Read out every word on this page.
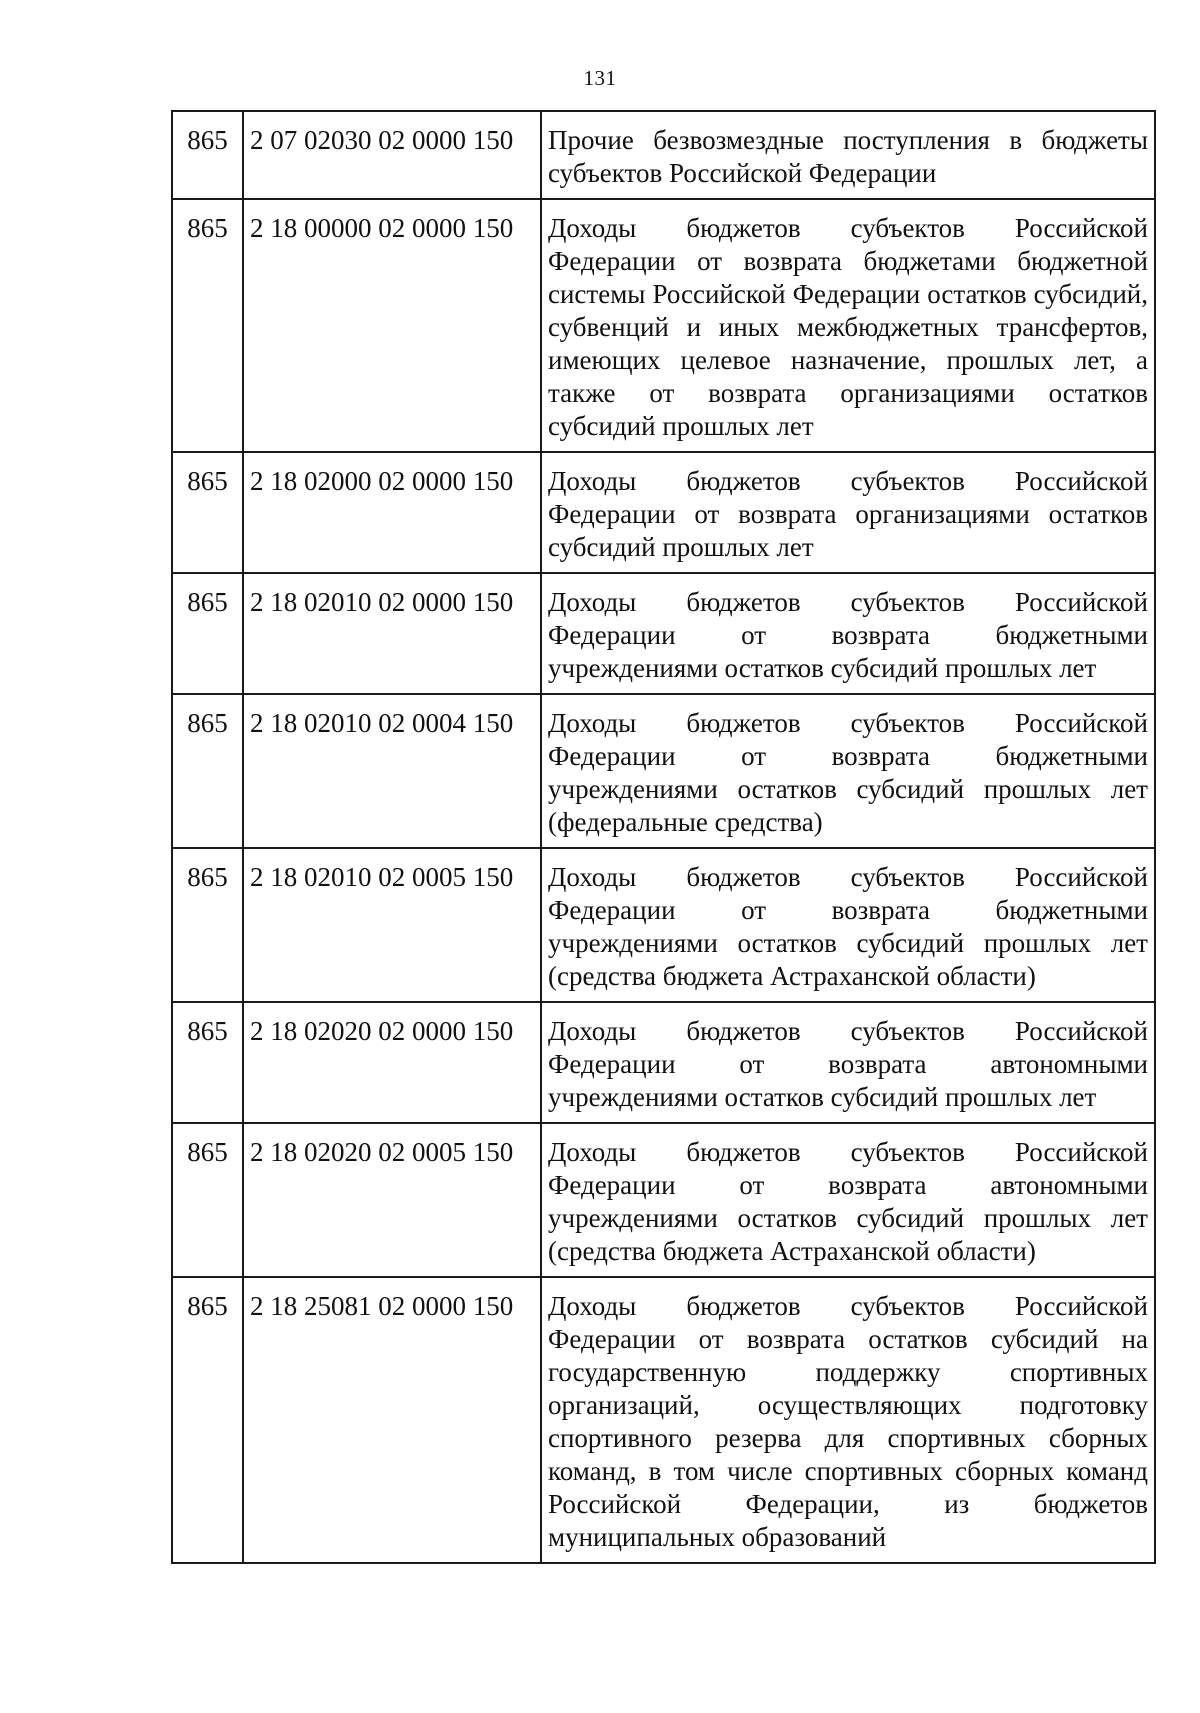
131
865	2 07 02030 02 0000 150	Прочие безвозмездные поступления в бюджеты субъектов Российской Федерации
865	2 18 00000 02 0000 150	Доходы бюджетов субъектов Российской Федерации от возврата бюджетами бюджетной системы Российской Федерации остатков субсидий, субвенций и иных межбюджетных трансфертов, имеющих целевое назначение, прошлых лет, а также от возврата организациями остатков субсидий прошлых лет
865	2 18 02000 02 0000 150	Доходы бюджетов субъектов Российской Федерации от возврата организациями остатков субсидий прошлых лет
865	2 18 02010 02 0000 150	Доходы бюджетов субъектов Российской Федерации от возврата бюджетными учреждениями остатков субсидий прошлых лет
865	2 18 02010 02 0004 150	Доходы бюджетов субъектов Российской Федерации от возврата бюджетными учреждениями остатков субсидий прошлых лет (федеральные средства)
865	2 18 02010 02 0005 150	Доходы бюджетов субъектов Российской Федерации от возврата бюджетными учреждениями остатков субсидий прошлых лет (средства бюджета Астраханской области)
865	2 18 02020 02 0000 150	Доходы бюджетов субъектов Российской Федерации от возврата автономными учреждениями остатков субсидий прошлых лет
865	2 18 02020 02 0005 150	Доходы бюджетов субъектов Российской Федерации от возврата автономными учреждениями остатков субсидий прошлых лет (средства бюджета Астраханской области)
865	2 18 25081 02 0000 150	Доходы бюджетов субъектов Российской Федерации от возврата остатков субсидий на государственную поддержку спортивных организаций, осуществляющих подготовку спортивного резерва для спортивных сборных команд, в том числе спортивных сборных команд Российской Федерации, из бюджетов муниципальных образований
